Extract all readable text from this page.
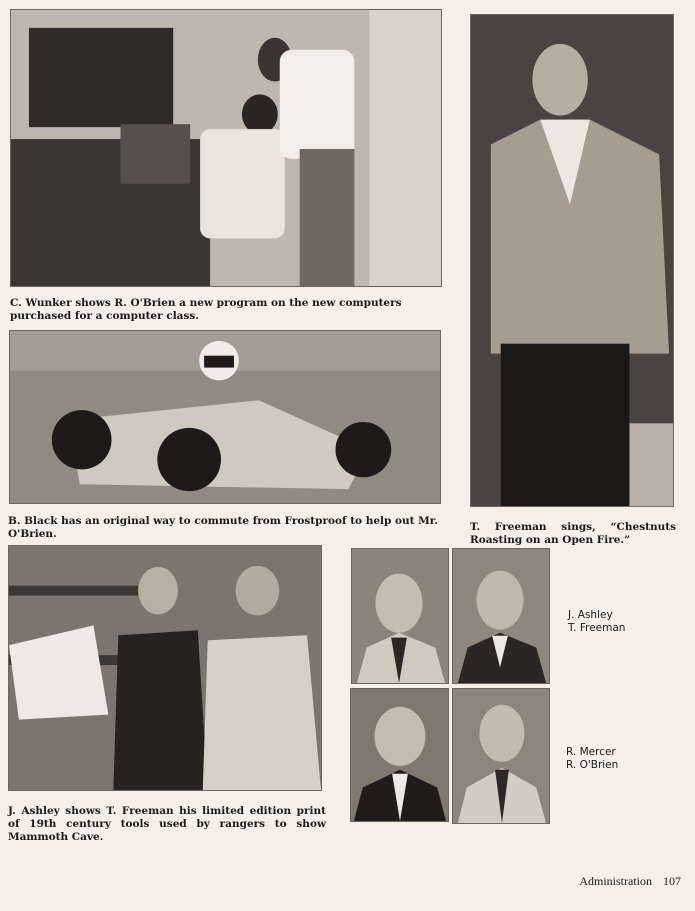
C. Wunker shows R. O'Brien a new program on the new computers purchased for a computer class.
B. Black has an original way to commute from Frostproof to help out Mr. O'Brien.
T. Freeman sings, “Chestnuts Roasting on an Open Fire.”
J. Ashley shows T. Freeman his limited edition print of 19th century tools used by rangers to show Mammoth Cave.
J. Ashley
T. Freeman
R. Mercer
R. O'Brien
Administration 107
